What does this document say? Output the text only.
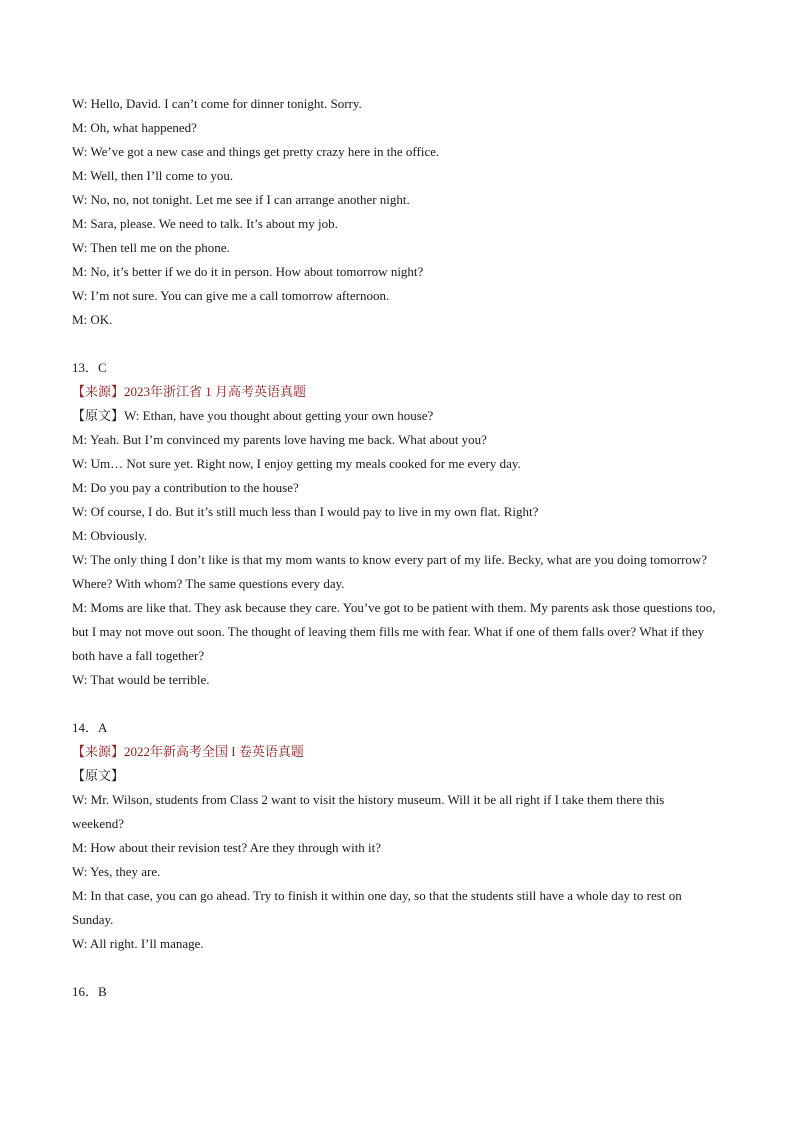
W: Hello, David. I can’t come for dinner tonight. Sorry.

M: Oh, what happened?

W: We’ve got a new case and things get pretty crazy here in the office.

M: Well, then I’ll come to you.

W: No, no, not tonight. Let me see if I can arrange another night.

M: Sara, please. We need to talk. It’s about my job.

W: Then tell me on the phone.

M: No, it’s better if we do it in person. How about tomorrow night?

W: I’m not sure. You can give me a call tomorrow afternoon.

M: OK.

13．C

【来源】2023年浙江省 1 月高考英语真题

【原文】W: Ethan, have you thought about getting your own house?

M: Yeah. But I’m convinced my parents love having me back. What about you?

W: Um… Not sure yet. Right now, I enjoy getting my meals cooked for me every day.

M: Do you pay a contribution to the house?

W: Of course, I do. But it’s still much less than I would pay to live in my own flat. Right?

M: Obviously.

W: The only thing I don’t like is that my mom wants to know every part of my life. Becky, what are you doing tomorrow? Where? With whom? The same questions every day.

M: Moms are like that. They ask because they care. You’ve got to be patient with them. My parents ask those questions too, but I may not move out soon. The thought of leaving them fills me with fear. What if one of them falls over? What if they both have a fall together?

W: That would be terrible.

14．A

【来源】2022年新高考全国 I 卷英语真题

【原文】

W: Mr. Wilson, students from Class 2 want to visit the history museum. Will it be all right if I take them there this weekend?

M: How about their revision test? Are they through with it?

W: Yes, they are.

M: In that case, you can go ahead. Try to finish it within one day, so that the students still have a whole day to rest on Sunday.

W: All right. I’ll manage.

16．B
